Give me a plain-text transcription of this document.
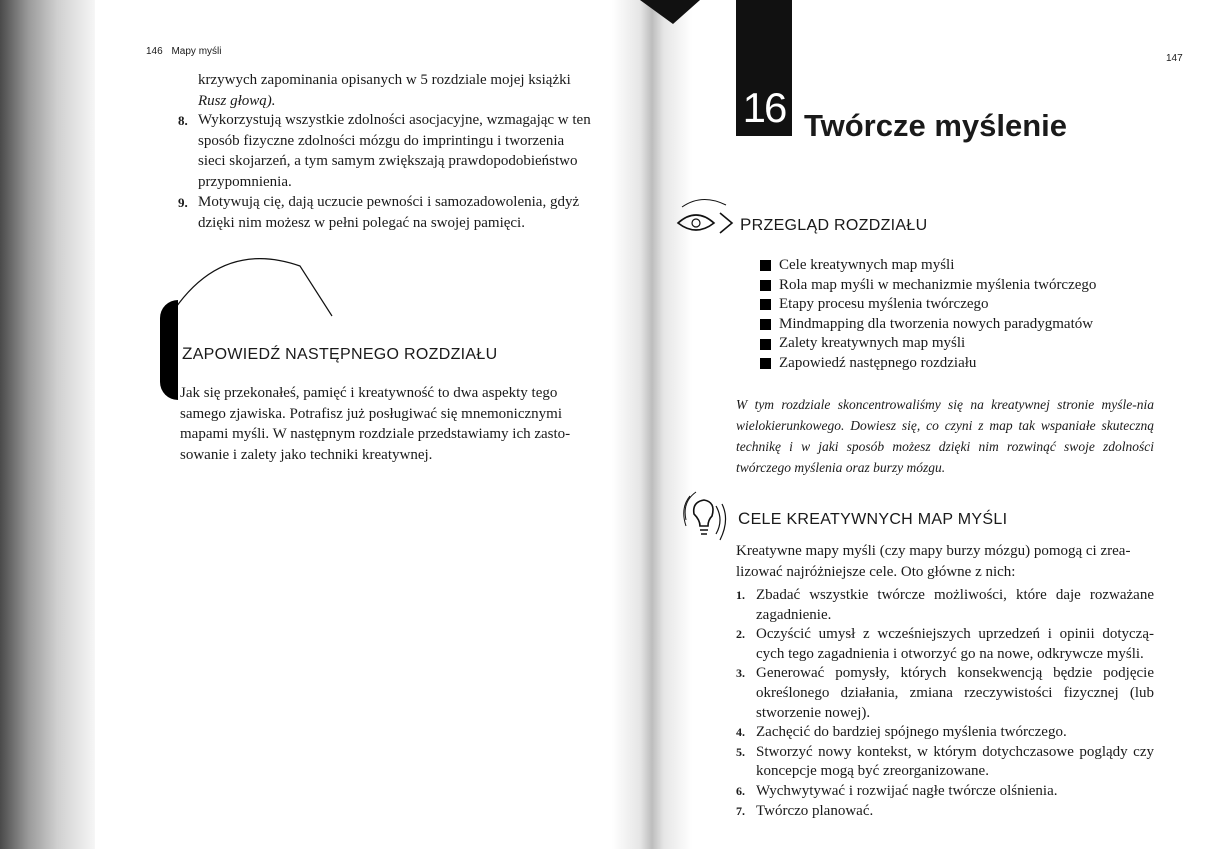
146 Mapy myśli
krzywych zapominania opisanych w 5 rozdziale mojej książki
Rusz głową).
8. Wykorzystują wszystkie zdolności asocjacyjne, wzmagając w ten
sposób fizyczne zdolności mózgu do imprintingu i tworzenia
sieci skojarzeń, a tym samym zwiększają prawdopodobieństwo
przypomnienia.
9. Motywują cię, dają uczucie pewności i samozadowolenia, gdyż
dzięki nim możesz w pełni polegać na swojej pamięci.
ZAPOWIEDŹ NASTĘPNEGO ROZDZIAŁU
Jak się przekonałeś, pamięć i kreatywność to dwa aspekty tego
samego zjawiska. Potrafisz już posługiwać się mnemonicznymi
mapami myśli. W następnym rozdziale przedstawiamy ich zasto-
sowanie i zalety jako techniki kreatywnej.
147
16 Twórcze myślenie
PRZEGLĄD ROZDZIAŁU
Cele kreatywnych map myśli
Rola map myśli w mechanizmie myślenia twórczego
Etapy procesu myślenia twórczego
Mindmapping dla tworzenia nowych paradygmatów
Zalety kreatywnych map myśli
Zapowiedź następnego rozdziału
W tym rozdziale skoncentrowaliśmy się na kreatywnej stronie myśle-nia wielokierunkowego. Dowiesz się, co czyni z map tak wspaniałe skuteczną technikę i w jaki sposób możesz dzięki nim rozwinąć swoje zdolności twórczego myślenia oraz burzy mózgu.
CELE KREATYWNYCH MAP MYŚLI
Kreatywne mapy myśli (czy mapy burzy mózgu) pomogą ci zrea-
lizować najróżniejsze cele. Oto główne z nich:
1. Zbadać wszystkie twórcze możliwości, które daje rozważane zagadnienie.
2. Oczyścić umysł z wcześniejszych uprzedzeń i opinii dotyczą-cych tego zagadnienia i otworzyć go na nowe, odkrywcze myśli.
3. Generować pomysły, których konsekwencją będzie podjęcie określonego działania, zmiana rzeczywistości fizycznej (lub stworzenie nowej).
4. Zachęcić do bardziej spójnego myślenia twórczego.
5. Stworzyć nowy kontekst, w którym dotychczasowe poglądy czy koncepcje mogą być zreorganizowane.
6. Wychwytywać i rozwijać nagłe twórcze olśnienia.
7. Twórczo planować.
